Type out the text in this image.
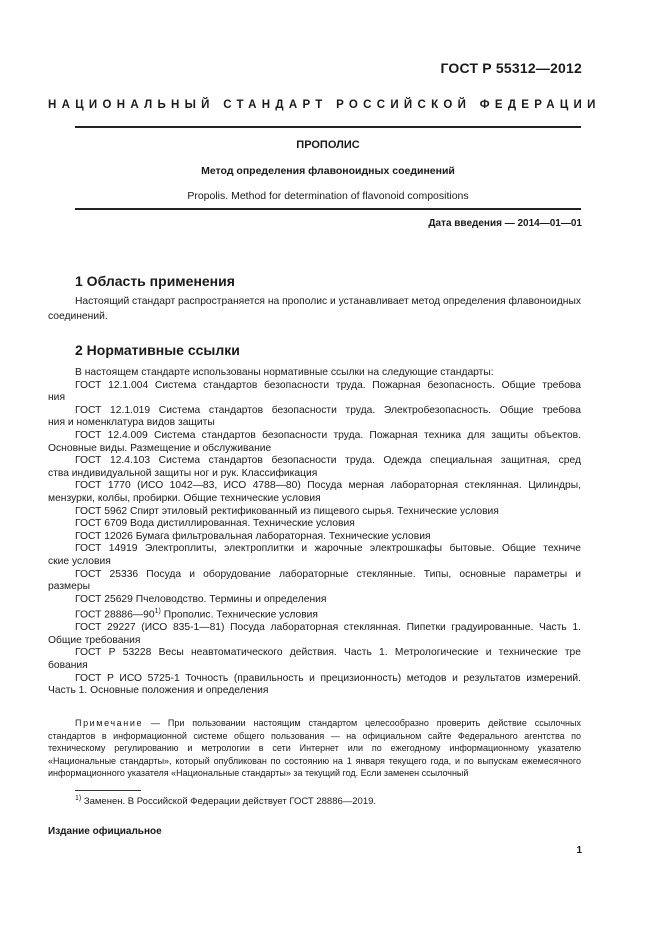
ГОСТ Р 55312—2012
НАЦИОНАЛЬНЫЙ СТАНДАРТ РОССИЙСКОЙ ФЕДЕРАЦИИ
ПРОПОЛИС
Метод определения флавоноидных соединений
Propolis. Method for determination of flavonoid compositions
Дата введения — 2014—01—01
1 Область применения

Настоящий стандарт распространяется на прополис и устанавливает метод определения флавоноидных соединений.

2 Нормативные ссылки

В настоящем стандарте использованы нормативные ссылки на следующие стандарты:

ГОСТ 12.1.004 Система стандартов безопасности труда. Пожарная безопасность. Общие требова
ния

ГОСТ 12.1.019 Система стандартов безопасности труда. Электробезопасность. Общие требова
ния и номенклатура видов защиты

ГОСТ 12.4.009 Система стандартов безопасности труда. Пожарная техника для защиты объектов.
Основные виды. Размещение и обслуживание

ГОСТ 12.4.103 Система стандартов безопасности труда. Одежда специальная защитная, сред
ства индивидуальной защиты ног и рук. Классификация

ГОСТ 1770 (ИСО 1042—83, ИСО 4788—80) Посуда мерная лабораторная стеклянная. Цилиндры,
мензурки, колбы, пробирки. Общие технические условия

ГОСТ 5962 Спирт этиловый ректификованный из пищевого сырья. Технические условия

ГОСТ 6709 Вода дистиллированная. Технические условия

ГОСТ 12026 Бумага фильтровальная лабораторная. Технические условия

ГОСТ 14919 Электроплиты, электроплитки и жарочные электрошкафы бытовые. Общие техниче
ские условия

ГОСТ 25336 Посуда и оборудование лабораторные стеклянные. Типы, основные параметры и
размеры

ГОСТ 25629 Пчеловодство. Термины и определения

ГОСТ 28886—90$^{1)}$ Прополис. Технические условия

ГОСТ 29227 (ИСО 835-1—81) Посуда лабораторная стеклянная. Пипетки градуированные. Часть 1.
Общие требования

ГОСТ Р 53228 Весы неавтоматического действия. Часть 1. Метрологические и технические тре
бования

ГОСТ Р ИСО 5725-1 Точность (правильность и прецизионность) методов и результатов измерений.
Часть 1. Основные положения и определения

Примечание — При пользовании настоящим стандартом целесообразно проверить действие ссылочных стандартов в информационной системе общего пользования — на официальном сайте Федерального агентства по техническому регулированию и метрологии в сети Интернет или по ежегодному информационному указателю «Национальные стандарты», который опубликован по состоянию на 1 января текущего года, и по выпускам ежемесячного информационного указателя «Национальные стандарты» за текущий год. Если заменен ссылочный

$^{1)}$ Заменен. В Российской Федерации действует ГОСТ 28886—2019.
Издание официальное
1
